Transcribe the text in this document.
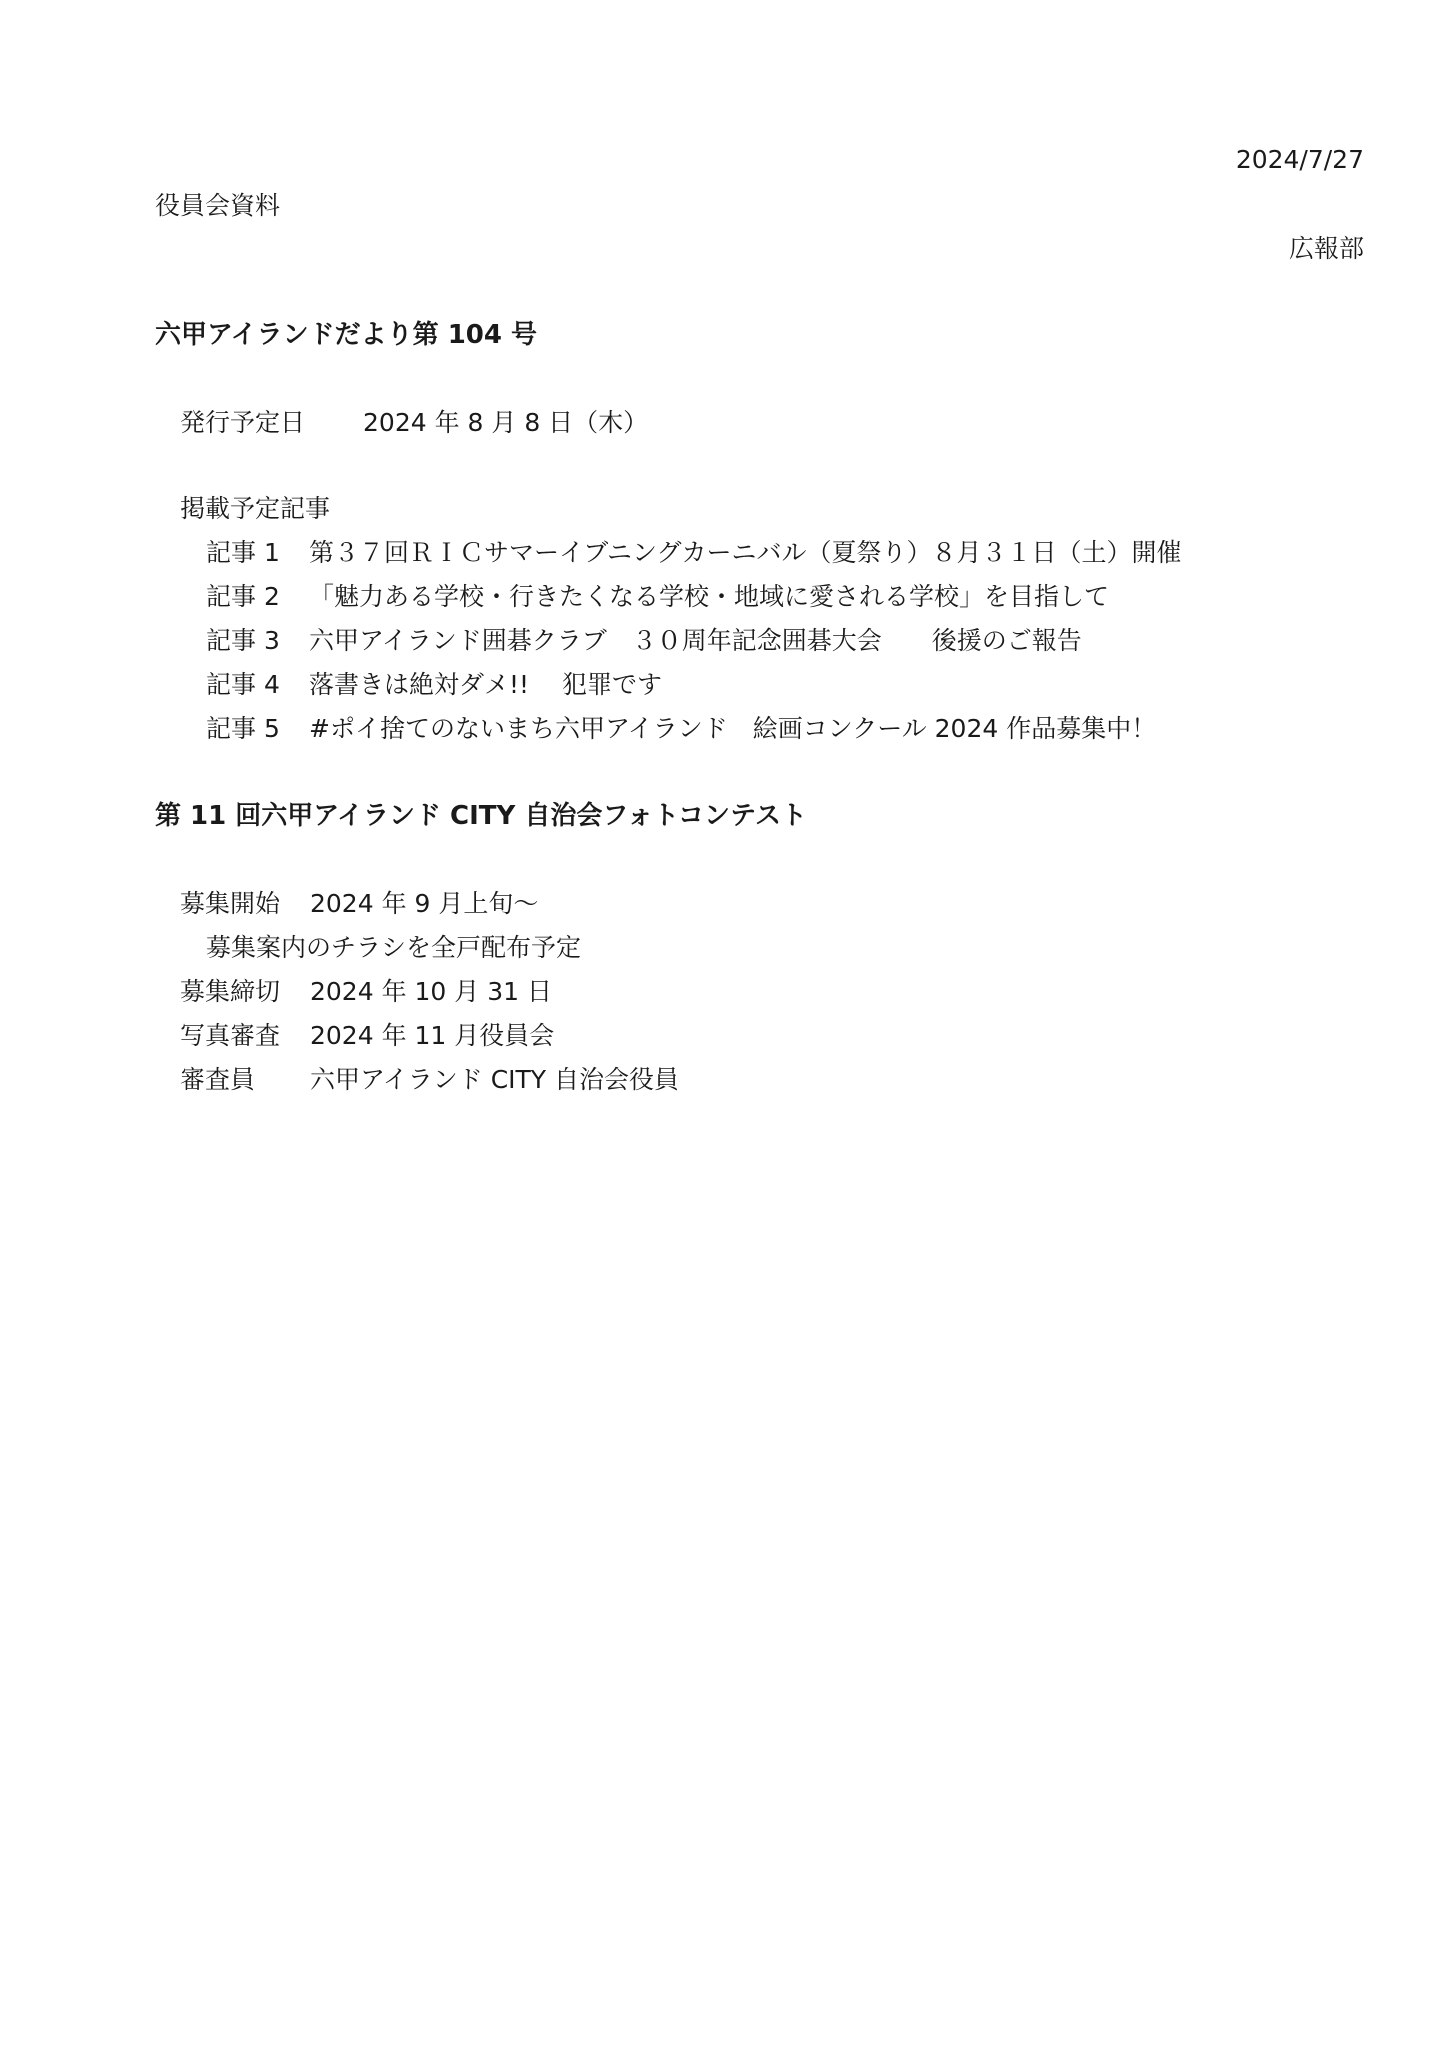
2024/7/27
役員会資料
広報部
六甲アイランドだより第 104 号
発行予定日 2024 年 8 月 8 日（木）
掲載予定記事
記事 1 第３７回ＲＩＣサマーイブニングカーニバル（夏祭り）８月３１日（土）開催
記事 2 「魅力ある学校・行きたくなる学校・地域に愛される学校」を目指して
記事 3 六甲アイランド囲碁クラブ　３０周年記念囲碁大会　　後援のご報告
記事 4 落書きは絶対ダメ!!　 犯罪です
記事 5 #ポイ捨てのないまち六甲アイランド　絵画コンクール 2024 作品募集中！
第 11 回六甲アイランド CITY 自治会フォトコンテスト
募集開始 2024 年 9 月上旬～
募集案内のチラシを全戸配布予定
募集締切 2024 年 10 月 31 日
写真審査 2024 年 11 月役員会
審査員 六甲アイランド CITY 自治会役員
